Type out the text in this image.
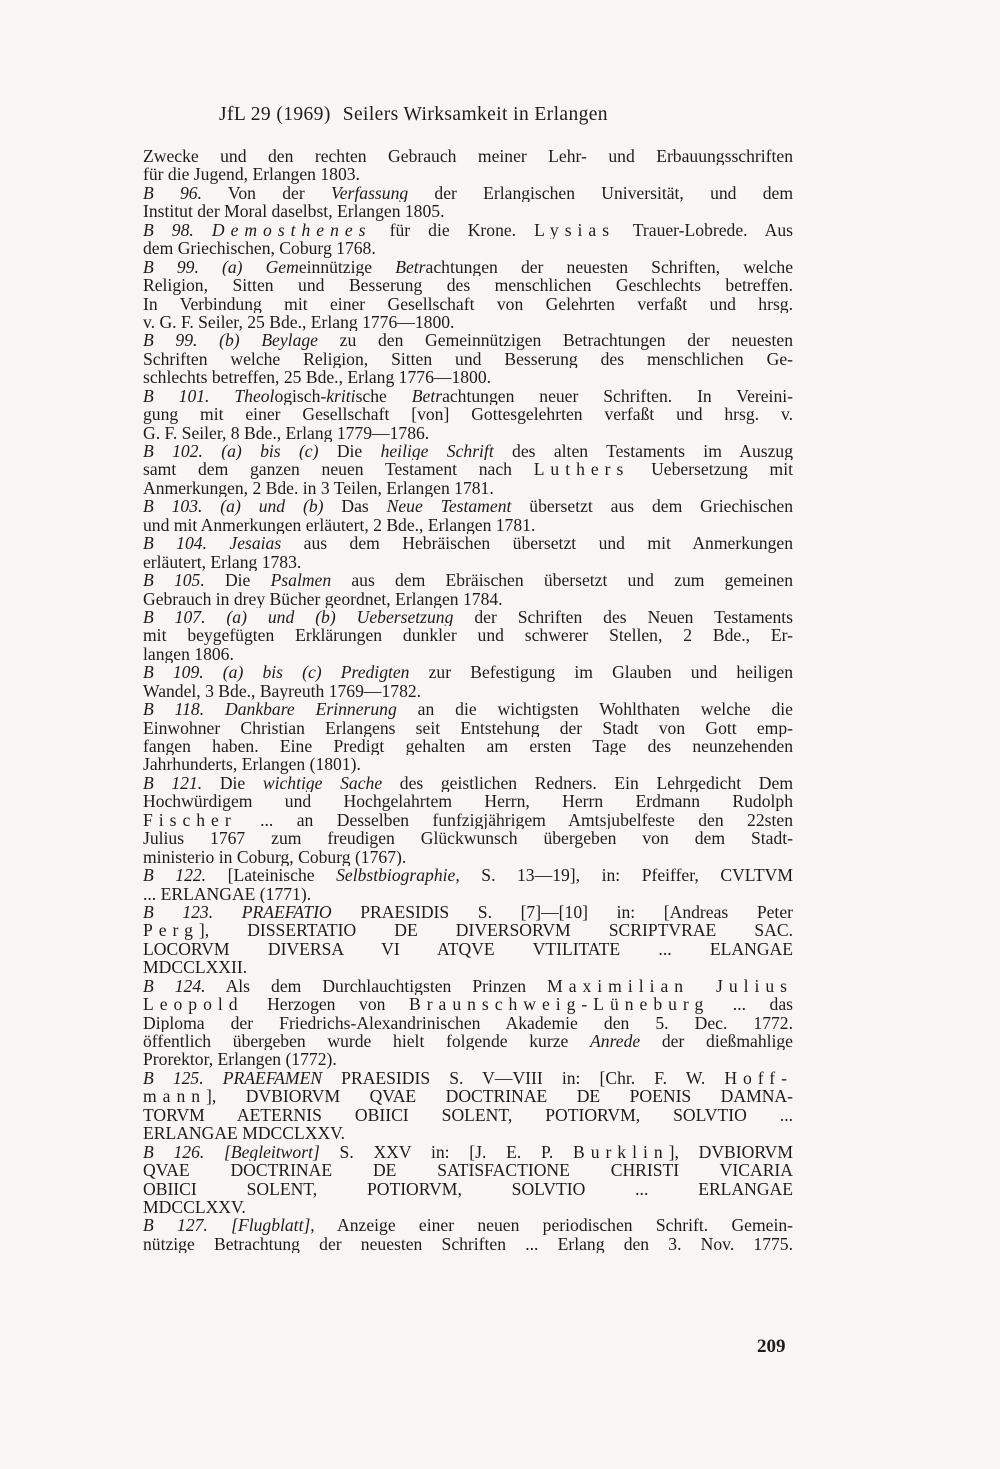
JfL 29 (1969) Seilers Wirksamkeit in Erlangen
Zwecke und den rechten Gebrauch meiner Lehr- und Erbauungsschriften
für die Jugend, Erlangen 1803.
B 96. Von der Verfassung der Erlangischen Universität, und dem
Institut der Moral daselbst, Erlangen 1805.
B 98. Demosthenes für die Krone. Lysias Trauer-Lobrede. Aus
dem Griechischen, Coburg 1768.
B 99. (a) Gemeinnützige Betrachtungen der neuesten Schriften, welche
Religion, Sitten und Besserung des menschlichen Geschlechts betreffen.
In Verbindung mit einer Gesellschaft von Gelehrten verfaßt und hrsg.
v. G. F. Seiler, 25 Bde., Erlang 1776—1800.
B 99. (b) Beylage zu den Gemeinnützigen Betrachtungen der neuesten
Schriften welche Religion, Sitten und Besserung des menschlichen Ge-
schlechts betreffen, 25 Bde., Erlang 1776—1800.
B 101. Theologisch-kritische Betrachtungen neuer Schriften. In Vereini-
gung mit einer Gesellschaft [von] Gottesgelehrten verfaßt und hrsg. v.
G. F. Seiler, 8 Bde., Erlang 1779—1786.
B 102. (a) bis (c) Die heilige Schrift des alten Testaments im Auszug
samt dem ganzen neuen Testament nach Luthers Uebersetzung mit
Anmerkungen, 2 Bde. in 3 Teilen, Erlangen 1781.
B 103. (a) und (b) Das Neue Testament übersetzt aus dem Griechischen
und mit Anmerkungen erläutert, 2 Bde., Erlangen 1781.
B 104. Jesaias aus dem Hebräischen übersetzt und mit Anmerkungen
erläutert, Erlang 1783.
B 105. Die Psalmen aus dem Ebräischen übersetzt und zum gemeinen
Gebrauch in drey Bücher geordnet, Erlangen 1784.
B 107. (a) und (b) Uebersetzung der Schriften des Neuen Testaments
mit beygefügten Erklärungen dunkler und schwerer Stellen, 2 Bde., Er-
langen 1806.
B 109. (a) bis (c) Predigten zur Befestigung im Glauben und heiligen
Wandel, 3 Bde., Bayreuth 1769—1782.
B 118. Dankbare Erinnerung an die wichtigsten Wohlthaten welche die
Einwohner Christian Erlangens seit Entstehung der Stadt von Gott emp-
fangen haben. Eine Predigt gehalten am ersten Tage des neunzehenden
Jahrhunderts, Erlangen (1801).
B 121. Die wichtige Sache des geistlichen Redners. Ein Lehrgedicht Dem
Hochwürdigem und Hochgelahrtem Herrn, Herrn Erdmann Rudolph
Fischer ... an Desselben funfzigjährigem Amtsjubelfeste den 22sten
Julius 1767 zum freudigen Glückwunsch übergeben von dem Stadt-
ministerio in Coburg, Coburg (1767).
B 122. [Lateinische Selbstbiographie, S. 13—19], in: Pfeiffer, CVLTVM
... ERLANGAE (1771).
B 123. PRAEFATIO PRAESIDIS S. [7]—[10] in: [Andreas Peter
Perg], DISSERTATIO DE DIVERSORVM SCRIPTVRAE SAC.
LOCORVM DIVERSA VI ATQVE VTILITATE ... ELANGAE
MDCCLXXII.
B 124. Als dem Durchlauchtigsten Prinzen Maximilian Julius
Leopold Herzogen von Braunschweig-Lüneburg ... das
Diploma der Friedrichs-Alexandrinischen Akademie den 5. Dec. 1772.
öffentlich übergeben wurde hielt folgende kurze Anrede der dießmahlige
Prorektor, Erlangen (1772).
B 125. PRAEFAMEN PRAESIDIS S. V—VIII in: [Chr. F. W. Hoff-
mann], DVBIORVM QVAE DOCTRINAE DE POENIS DAMNA-
TORVM AETERNIS OBIICI SOLENT, POTIORVM, SOLVTIO ...
ERLANGAE MDCCLXXV.
B 126. [Begleitwort] S. XXV in: [J. E. P. Burklin], DVBIORVM
QVAE DOCTRINAE DE SATISFACTIONE CHRISTI VICARIA
OBIICI SOLENT, POTIORVM, SOLVTIO ... ERLANGAE
MDCCLXXV.
B 127. [Flugblatt], Anzeige einer neuen periodischen Schrift. Gemein-
nützige Betrachtung der neuesten Schriften ... Erlang den 3. Nov. 1775.
209
